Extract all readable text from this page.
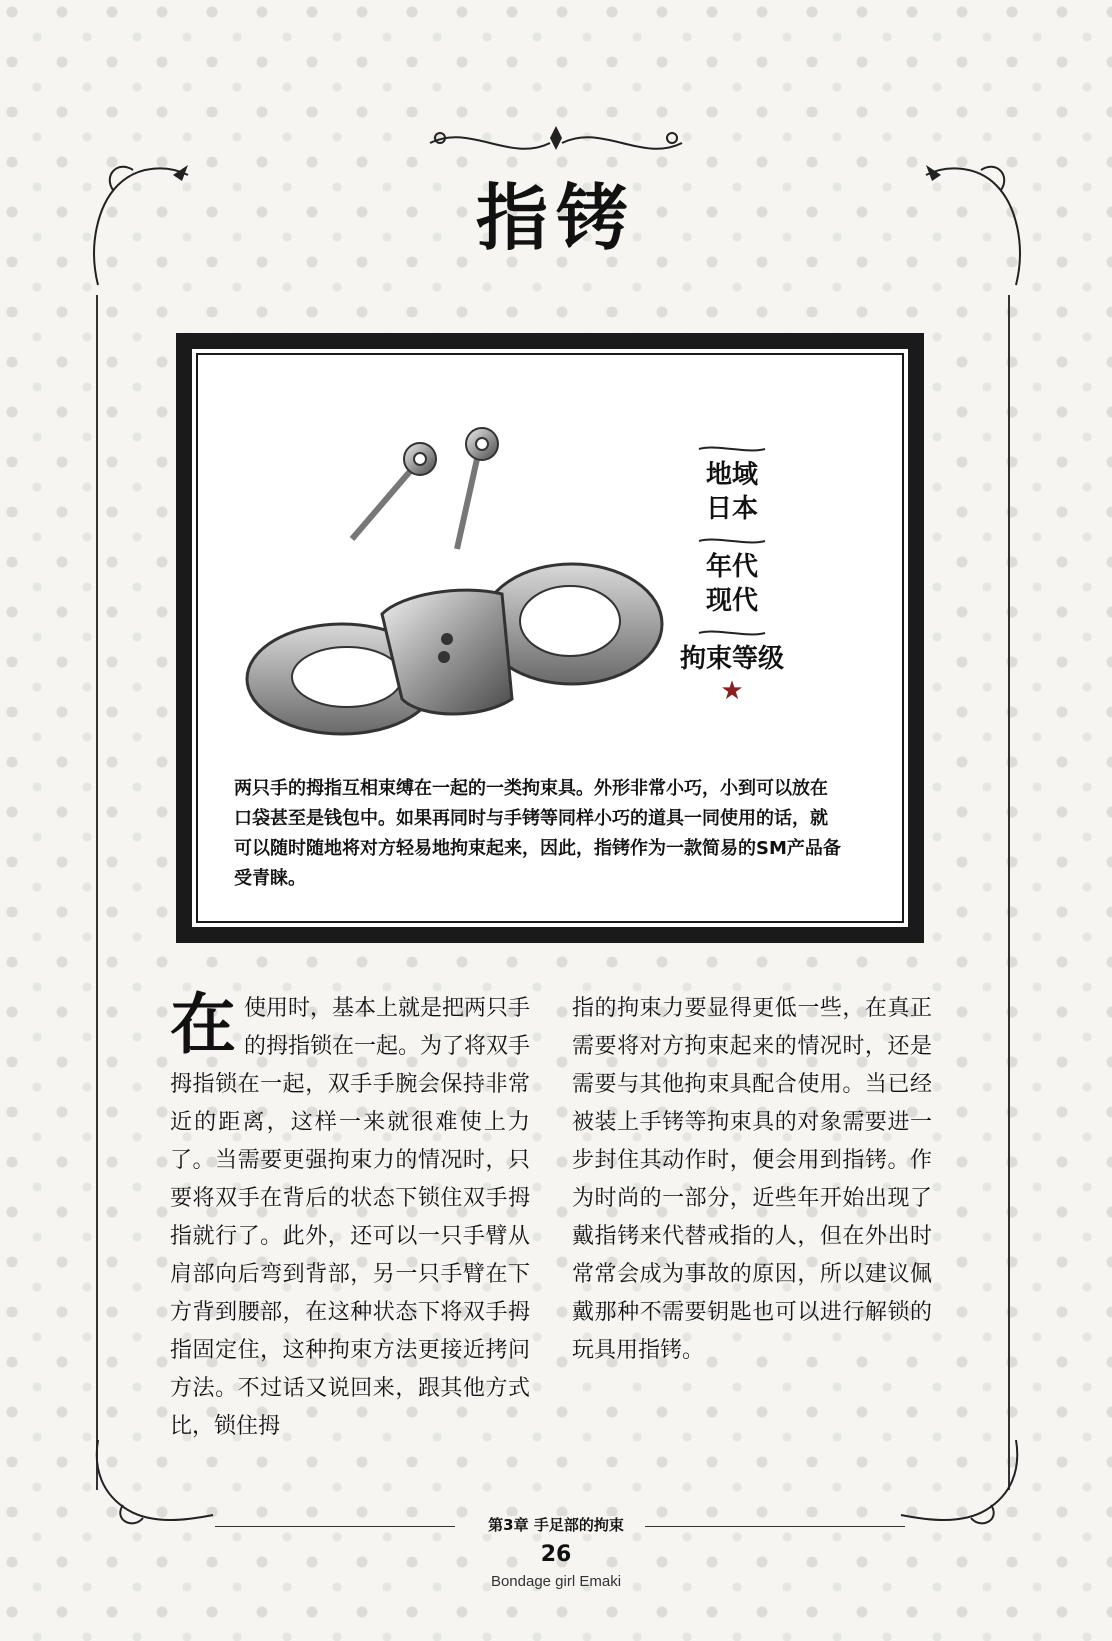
指铐
地域
日本
年代
现代
拘束等级
★
两只手的拇指互相束缚在一起的一类拘束具。外形非常小巧，小到可以放在口袋甚至是钱包中。如果再同时与手铐等同样小巧的道具一同使用的话，就可以随时随地将对方轻易地拘束起来，因此，指铐作为一款简易的SM产品备受青睐。
在 使用时，基本上就是把两只手的拇指锁在一起。为了将双手拇指锁在一起，双手手腕会保持非常近的距离，这样一来就很难使上力了。当需要更强拘束力的情况时，只要将双手在背后的状态下锁住双手拇指就行了。此外，还可以一只手臂从肩部向后弯到背部，另一只手臂在下方背到腰部，在这种状态下将双手拇指固定住，这种拘束方法更接近拷问方法。不过话又说回来，跟其他方式比，锁住拇
指的拘束力要显得更低一些，在真正需要将对方拘束起来的情况时，还是需要与其他拘束具配合使用。当已经被装上手铐等拘束具的对象需要进一步封住其动作时，便会用到指铐。作为时尚的一部分，近些年开始出现了戴指铐来代替戒指的人，但在外出时常常会成为事故的原因，所以建议佩戴那种不需要钥匙也可以进行解锁的玩具用指铐。
第3章 手足部的拘束
26
Bondage girl Emaki
